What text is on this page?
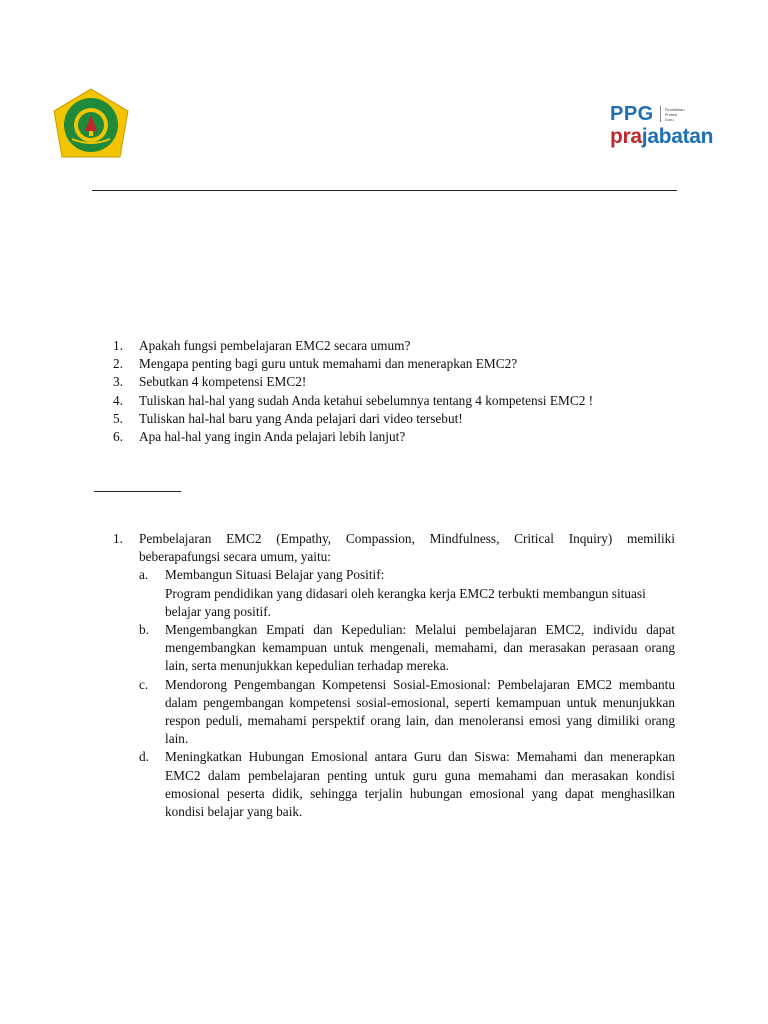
PPG	Pendidikan
Profesi
Guru
prajabatan
1. Apakah fungsi pembelajaran EMC2 secara umum?
2. Mengapa penting bagi guru untuk memahami dan menerapkan EMC2?
3. Sebutkan 4 kompetensi EMC2!
4. Tuliskan hal-hal yang sudah Anda ketahui sebelumnya tentang 4 kompetensi EMC2 !
5. Tuliskan hal-hal baru yang Anda pelajari dari video tersebut!
6. Apa hal-hal yang ingin Anda pelajari lebih lanjut?
1. Pembelajaran EMC2 (Empathy, Compassion, Mindfulness, Critical Inquiry) memiliki beberapafungsi secara umum, yaitu:
a. Membangun Situasi Belajar yang Positif:
Program pendidikan yang didasari oleh kerangka kerja EMC2 terbukti membangun situasi belajar yang positif.
b. Mengembangkan Empati dan Kepedulian: Melalui pembelajaran EMC2, individu dapat mengembangkan kemampuan untuk mengenali, memahami, dan merasakan perasaan orang lain, serta menunjukkan kepedulian terhadap mereka.
c. Mendorong Pengembangan Kompetensi Sosial-Emosional: Pembelajaran EMC2 membantu dalam pengembangan kompetensi sosial-emosional, seperti kemampuan untuk menunjukkan respon peduli, memahami perspektif orang lain, dan menoleransi emosi yang dimiliki orang lain.
d. Meningkatkan Hubungan Emosional antara Guru dan Siswa: Memahami dan menerapkan EMC2 dalam pembelajaran penting untuk guru guna memahami dan merasakan kondisi emosional peserta didik, sehingga terjalin hubungan emosional yang dapat menghasilkan kondisi belajar yang baik.
